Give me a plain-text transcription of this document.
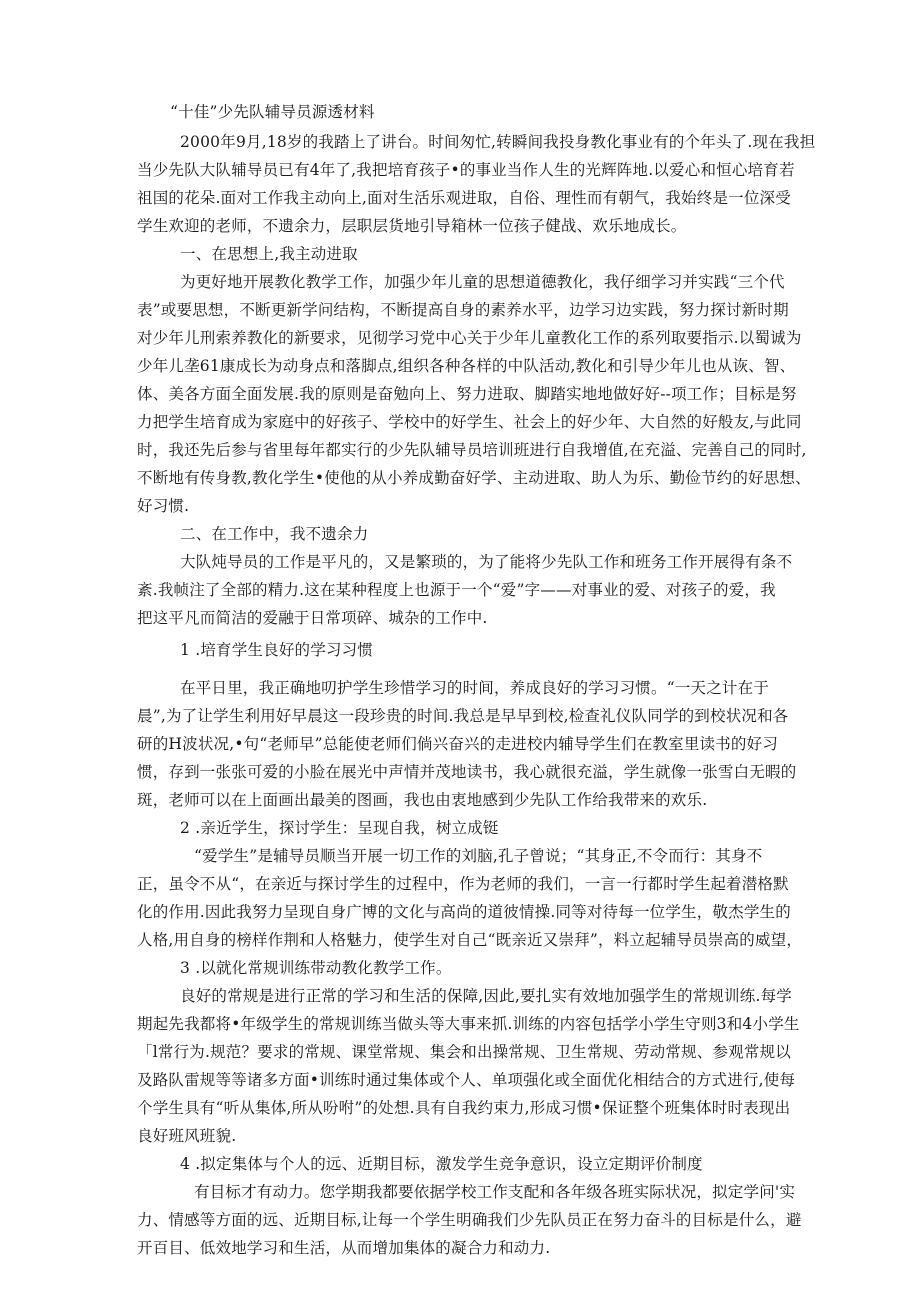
“十佳”少先队辅导员源透材料
2000年9月,18岁的我踏上了讲台。时间匆忙,转瞬间我投身教化事业有的个年头了.现在我担
当少先队大队辅导员已有4年了,我把培育孩子•的事业当作人生的光辉阵地.以爱心和恒心培育若
祖国的花朵.面对工作我主动向上,面对生活乐观进取，自俗、理性而有朝气，我始终是一位深受
学生欢迎的老师，不遗余力，层职层货地引导箱林一位孩子健战、欢乐地成长。
一、在思想上,我主动进取
为更好地开展教化教学工作，加强少年儿童的思想道德教化，我仔细学习并实践“三个代
表”或要思想，不断更新学问结构，不断提高自身的素养水平，边学习边实践，努力探讨新时期
对少年儿刑索养教化的新要求，见彻学习党中心关于少年儿童教化工作的系列取要指示.以蜀诚为
少年儿垄61康成长为动身点和落脚点,组织各种各样的中队活动,教化和引导少年儿也从诙、智、
体、美各方面全面发展.我的原则是奋勉向上、努力进取、脚踏实地地做好好--项工作；目标是努
力把学生培育成为家庭中的好孩子、学校中的好学生、社会上的好少年、大自然的好般友,与此同
时，我还先后参与省里每年都实行的少先队辅导员培训班进行自我增值,在充溢、完善自己的同时,
不断地有传身教,教化学生•使他的从小养成勤奋好学、主动进取、助人为乐、勤俭节约的好思想、
好习惯.
二、在工作中，我不遗余力
大队炖导员的工作是平凡的，又是繁琐的，为了能将少先队工作和班务工作开展得有条不
紊.我帧注了全部的精力.这在某种程度上也源于一个“爱”字——对事业的爱、对孩子的爱，我
把这平凡而简洁的爱融于日常项碎、城杂的工作中.
1 .培育学生良好的学习习惯
在平日里，我正确地叨护学生珍惜学习的时间，养成良好的学习习惯。“一天之计在于
晨”,为了让学生利用好早晨这一段珍贵的时间.我总是早早到校,检查礼仪队同学的到校状况和各
研的H波状况,•句“老师早”总能使老师们倘兴奋兴的走进校内辅导学生们在教室里读书的好习
惯，存到一张张可爱的小脸在展光中声情并茂地读书，我心就很充溢，学生就像一张雪白无暇的
斑，老师可以在上面画出最美的图画，我也由衷地感到少先队工作给我带来的欢乐.
2 .亲近学生，探讨学生：呈现自我，树立成铤
“爱学生”是辅导员顺当开展一切工作的刘脑,孔子曾说；“其身正,不令而行：其身不
正，虽令不从“，在亲近与探讨学生的过程中，作为老师的我们，一言一行都时学生起着潜格默
化的作用.因此我努力呈现自身广博的文化与高尚的道彼情操.同等对待每一位学生，敬杰学生的
人格,用自身的榜样作荆和人格魅力，使学生对自己“既亲近又崇拜”，料立起辅导员崇高的威望，
3 .以就化常规训练带动教化教学工作。
良好的常规是进行正常的学习和生活的保障,因此,要扎实有效地加强学生的常规训练.每学
期起先我都将•年级学生的常规训练当做头等大事来抓.训练的内容包括学小学生守则3和4小学生
「l常行为.规范？要求的常规、课堂常规、集会和出操常规、卫生常规、劳动常规、参观常规以
及路队雷规等等诸多方面•训练时通过集体或个人、单项强化或全面优化相结合的方式进行,使每
个学生具有“听从集体,所从吩咐”的处想.具有自我约束力,形成习惯•保证整个班集体时时表现出
良好班风班貌.
4 .拟定集体与个人的远、近期目标，激发学生竞争意识，设立定期评价制度
有目标才有动力。您学期我都要依据学校工作支配和各年级各班实际状况，拟定学问'实
力、情感等方面的远、近期目标,让每一个学生明确我们少先队员正在努力奋斗的目标是什么，避
开百目、低效地学习和生活，从而增加集体的凝合力和动力.
